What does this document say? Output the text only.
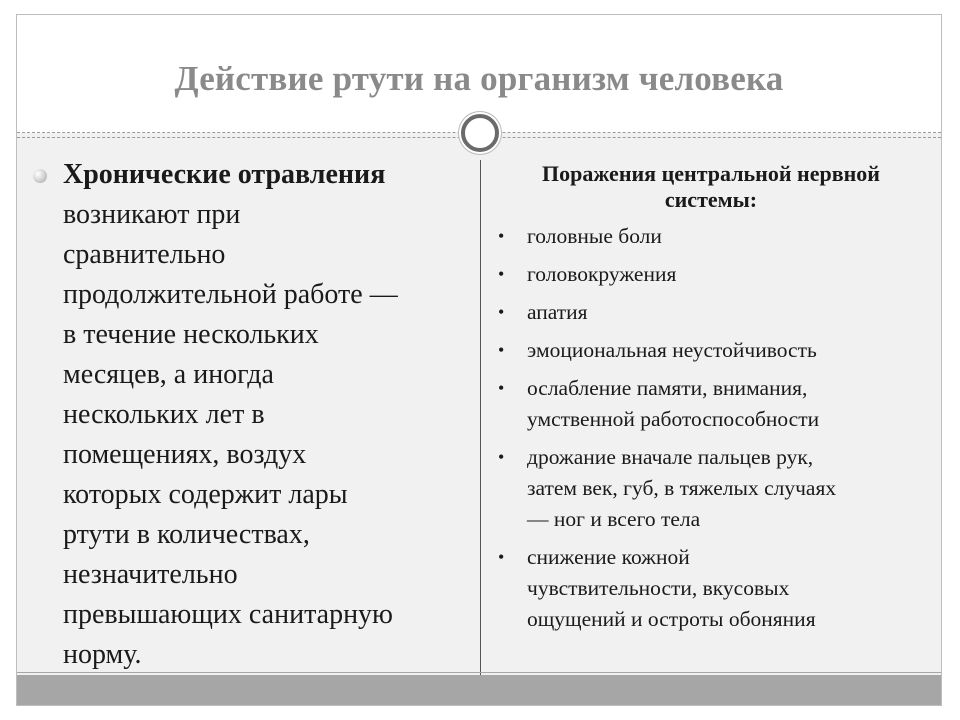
Действие ртути на организм человека
Хронические отравления
возникают при
сравнительно
продолжительной работе —
в течение нескольких
месяцев, а иногда
нескольких лет в
помещениях, воздух
которых содержит лары
ртути в количествах,
незначительно
превышающих санитарную
норму.
Поражения центральной нервной
системы:
• головные боли
• головокружения
• апатия
• эмоциональная неустойчивость
• ослабление памяти, внимания,
умственной работоспособности
• дрожание вначале пальцев рук,
затем век, губ, в тяжелых случаях
— ног и всего тела
• снижение кожной
чувствительности, вкусовых
ощущений и остроты обоняния
